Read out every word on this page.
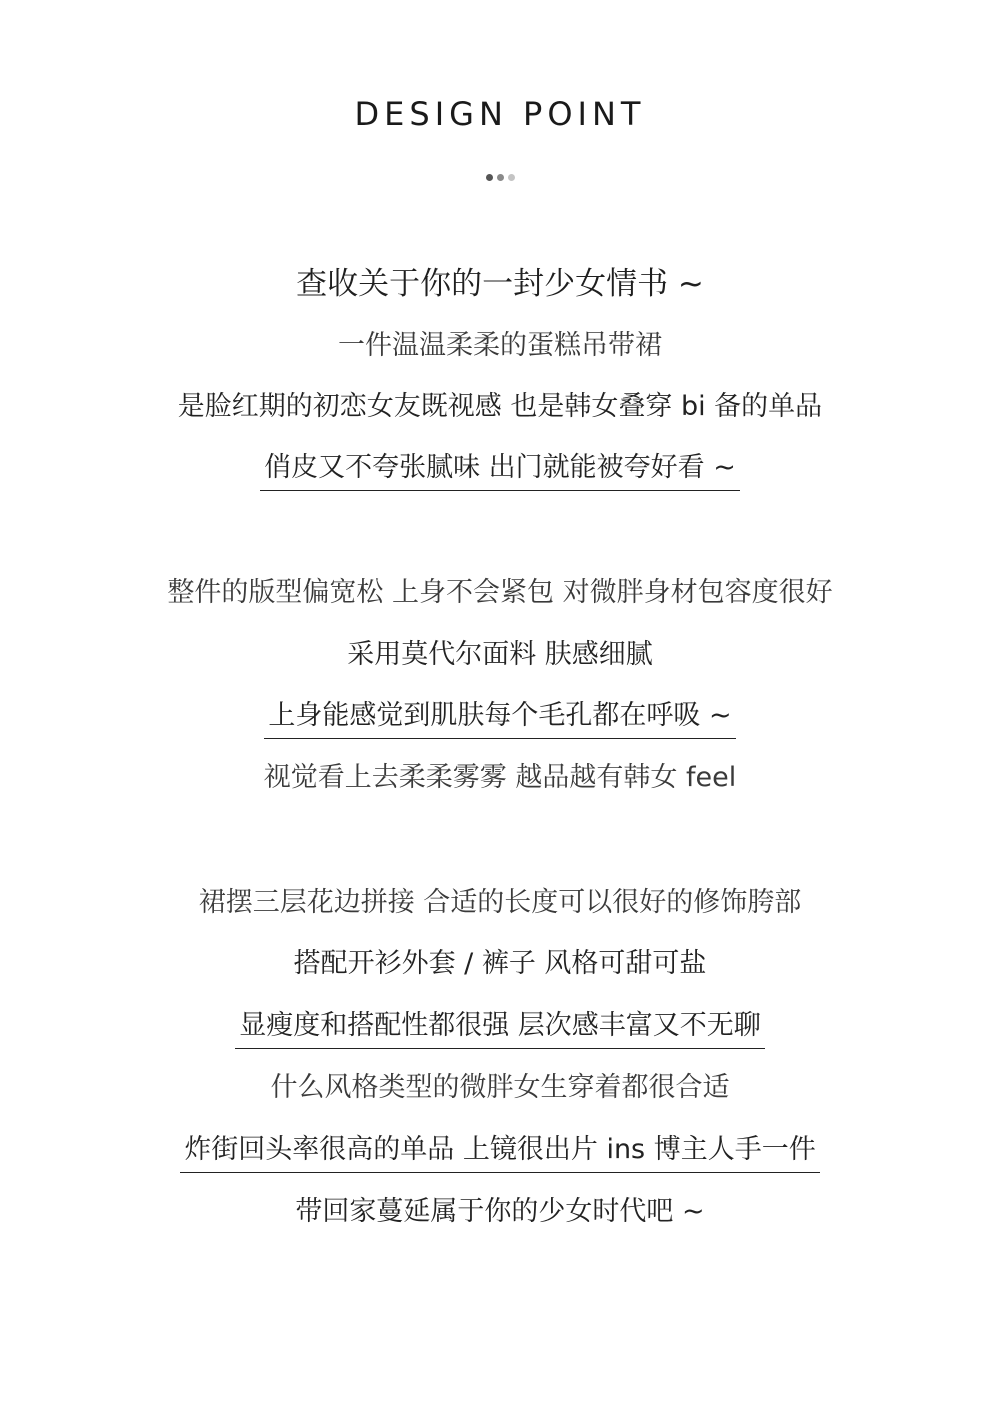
DESIGN POINT
查收关于你的一封少女情书 ~
一件温温柔柔的蛋糕吊带裙
是脸红期的初恋女友既视感 也是韩女叠穿 bi 备的单品
俏皮又不夸张腻味 出门就能被夸好看 ~
整件的版型偏宽松 上身不会紧包 对微胖身材包容度很好
采用莫代尔面料 肤感细腻
上身能感觉到肌肤每个毛孔都在呼吸 ~
视觉看上去柔柔雾雾 越品越有韩女 feel
裙摆三层花边拼接 合适的长度可以很好的修饰胯部
搭配开衫外套 / 裤子 风格可甜可盐
显瘦度和搭配性都很强 层次感丰富又不无聊
什么风格类型的微胖女生穿着都很合适
炸街回头率很高的单品 上镜很出片 ins 博主人手一件
带回家蔓延属于你的少女时代吧 ~
